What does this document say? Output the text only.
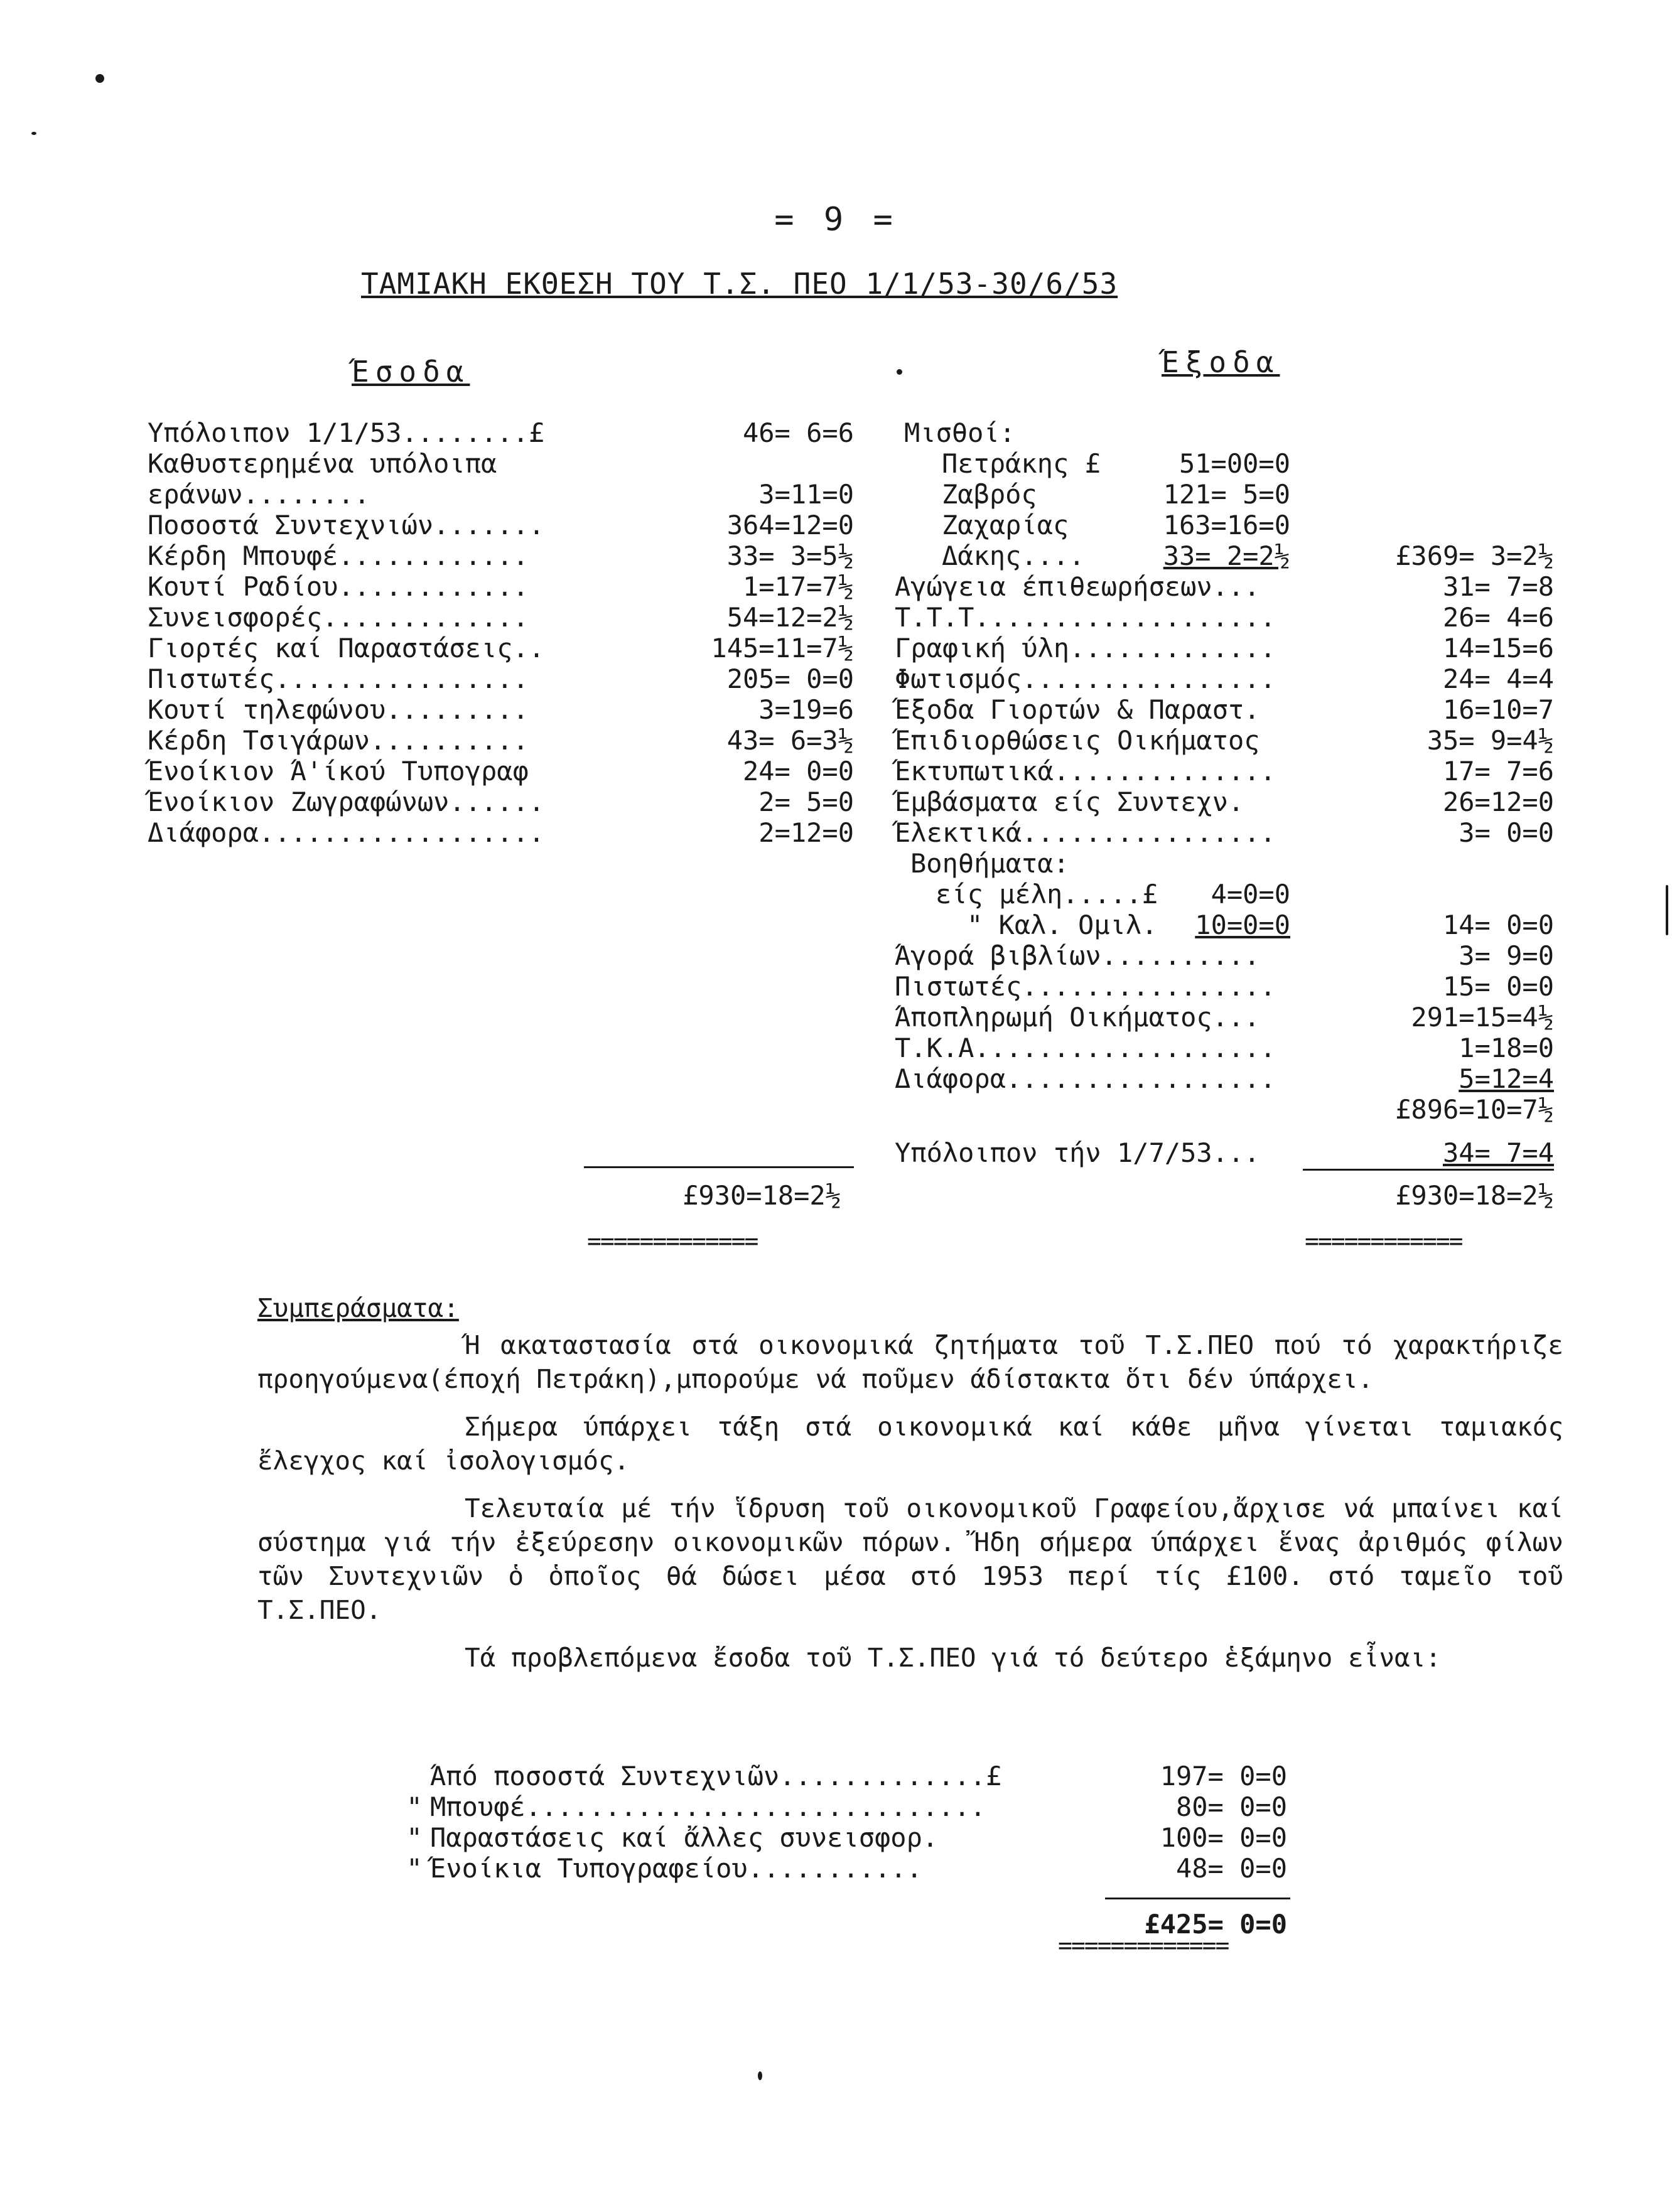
= 9 =
ΤΑΜΙΑΚΗ ΕΚΘΕΣΗ ΤΟΥ Τ.Σ. ΠΕΟ 1/1/53-30/6/53
Έσοδα
Υπόλοιπον 1/1/53........£	46= 6=6
Καθυστερημένα υπόλοιπα
εράνων........	3=11=0
Ποσοστά Συντεχνιών.......	364=12=0
Κέρδη Μπουφέ............	33= 3=5½
Κουτί Ραδίου............	1=17=7½
Συνεισφορές.............	54=12=2½
Γιορτές καί Παραστάσεις..	145=11=7½
Πιστωτές................	205= 0=0
Κουτί τηλεφώνου.........	3=19=6
Κέρδη Τσιγάρων..........	43= 6=3½
Ένοίκιον Ά'ίκού Τυπογραφ	24= 0=0
Ένοίκιον Ζωγραφώνων......	2= 5=0
Διάφορα..................	2=12=0
£930=18=2½
=============
Έξοδα
Μισθοί:
Πετράκης £	51=00=0
Ζαβρός	121= 5=0
Ζαχαρίας	163=16=0
Δάκης....	33= 2=2½	£369= 3=2½
Αγώγεια έπιθεωρήσεων...	31= 7=8
Τ.Τ.Τ...................	26= 4=6
Γραφική ύλη.............	14=15=6
Φωτισμός................	24= 4=4
Έξοδα Γιορτών & Παραστ.	16=10=7
Έπιδιορθώσεις Οικήματος	35= 9=4½
Έκτυπωτικά..............	17= 7=6
Έμβάσματα είς Συντεχν.	26=12=0
Έλεκτικά................	3= 0=0
Βοηθήματα:
είς μέλη.....£	4=0=0
" Καλ. Ομιλ.	10=0=0	14= 0=0
Άγορά βιβλίων..........	3= 9=0
Πιστωτές................	15= 0=0
Άποπληρωμή Οικήματος...	291=15=4½
Τ.Κ.Α...................	1=18=0
Διάφορα.................	5=12=4
£896=10=7½
Υπόλοιπον τήν 1/7/53...	34= 7=4
£930=18=2½
============
Συμπεράσματα:

Ή ακαταστασία στά οικονομικά ζητήματα τοῦ Τ.Σ.ΠΕΟ πού τό χαρακτήριζε προηγούμενα(έποχή Πετράκη),μπορούμε νά ποῦμεν άδίστακτα ὅτι δέν ύπάρχει.

Σήμερα ύπάρχει τάξη στά οικονομικά καί κάθε μῆνα γίνεται ταμιακός ἔλεγχος καί ἰσολογισμός.

Τελευταία μέ τήν ἵδρυση τοῦ οικονομικοῦ Γραφείου,ἄρχισε νά μπαίνει καί σύστημα γιά τήν ἐξεύρεσην οικονομικῶν πόρων. Ἤδη σήμερα ύπάρχει ἕνας ἀριθμός φίλων τῶν Συντεχνιῶν ὁ ὁποῖος θά δώσει μέσα στό 1953 περί τίς £100. στό ταμεῖο τοῦ Τ.Σ.ΠΕΟ.

Τά προβλεπόμενα ἔσοδα τοῦ Τ.Σ.ΠΕΟ γιά τό δεύτερο ἑξάμηνο εἶναι:

Άπό ποσοστά Συντεχνιῶν.............£	197= 0=0
" Μπουφέ.............................	80= 0=0
" Παραστάσεις καί ἄλλες συνεισφορ.	100= 0=0
" Ένοίκια Τυπογραφείου...........	48= 0=0
£425= 0=0
=============
